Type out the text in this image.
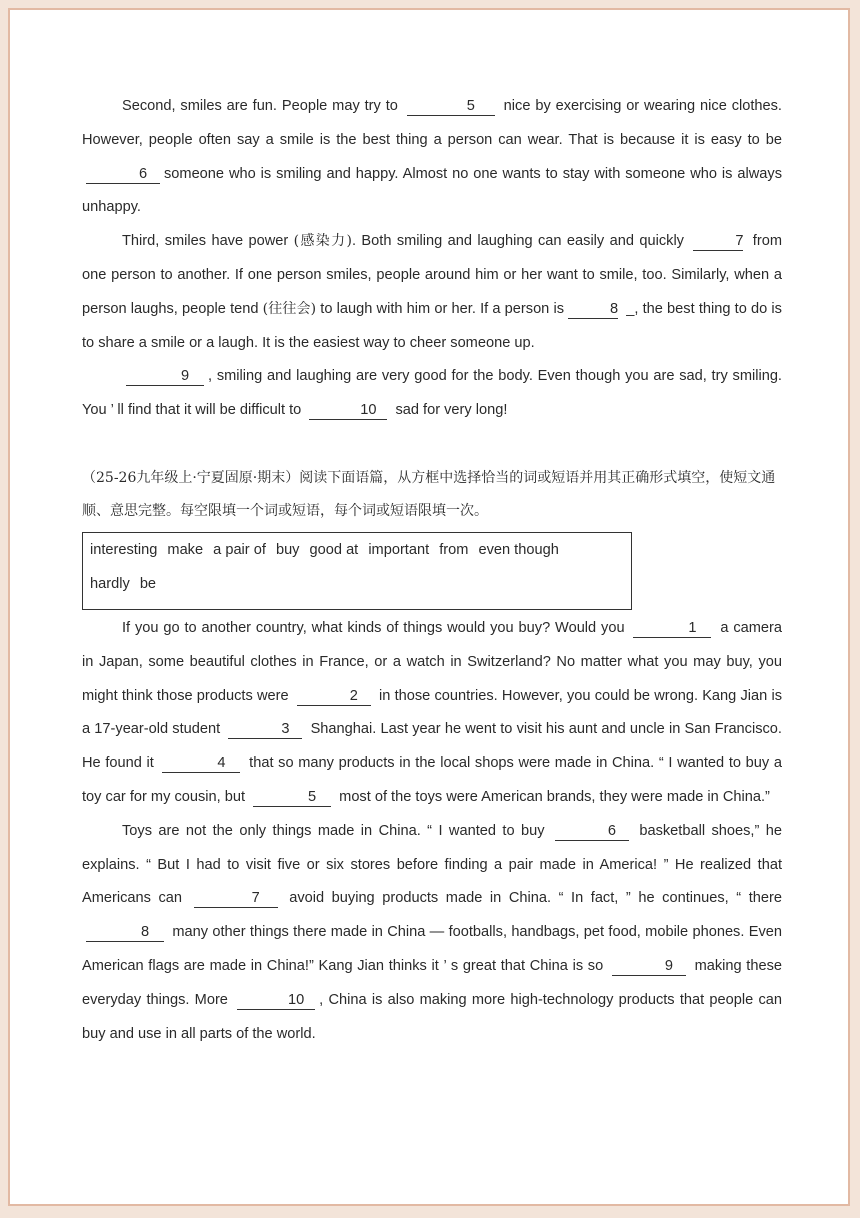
Second, smiles are fun. People may try to	5 nice by exercising or wearing nice clothes. However, people often say a smile is the best thing a person can wear. That is because it is easy to be6 someone who is smiling and happy. Almost no one wants to stay with someone who is always unhappy.

Third, smiles have power (感染力). Both smiling and laughing can easily and quickly	7 from one person to another. If one person smiles, people around him or her want to smile, too. Similarly, when a person laughs, people tend (往往会) to laugh with him or her. If a person is	8 _, the best thing to do is to share a smile or a laugh. It is the easiest way to cheer someone up.

9 , smiling and laughing are very good for the body. Even though you are sad, try smiling. You ’ ll find that it will be difficult to	10 sad for very long!

（25-26九年级上·宁夏固原·期末）阅读下面语篇，从方框中选择恰当的词或短语并用其正确形式填空，使短文通顺、意思完整。每空限填一个词或短语，每个词或短语限填一次。
interesting make a pair of buy good at important from even though
hardly be

If you go to another country, what kinds of things would you buy? Would you	1 a camera in Japan, some beautiful clothes in France, or a watch in Switzerland? No matter what you may buy, you might think those products were	2 in those countries. However, you could be wrong. Kang Jian is a 17-year-old student	3 Shanghai. Last year he went to visit his aunt and uncle in San Francisco. He found it	4 that so many products in the local shops were made in China. “ I wanted to buy a toy car for my cousin, but	5 most of the toys were American brands, they were made in China.”

Toys are not the only things made in China. “ I wanted to buy	6 basketball shoes,” he explains. “ But I had to visit five or six stores before finding a pair made in America! ” He realized that Americans can	7 avoid buying products made in China. “ In fact, ” he continues, “ there 8 many other things there made in China — footballs, handbags, pet food, mobile phones. Even American flags are made in China!” Kang Jian thinks it ’ s great that China is so	9 making these everyday things. More	10 , China is also making more high-technology products that people can buy and use in all parts of the world.
